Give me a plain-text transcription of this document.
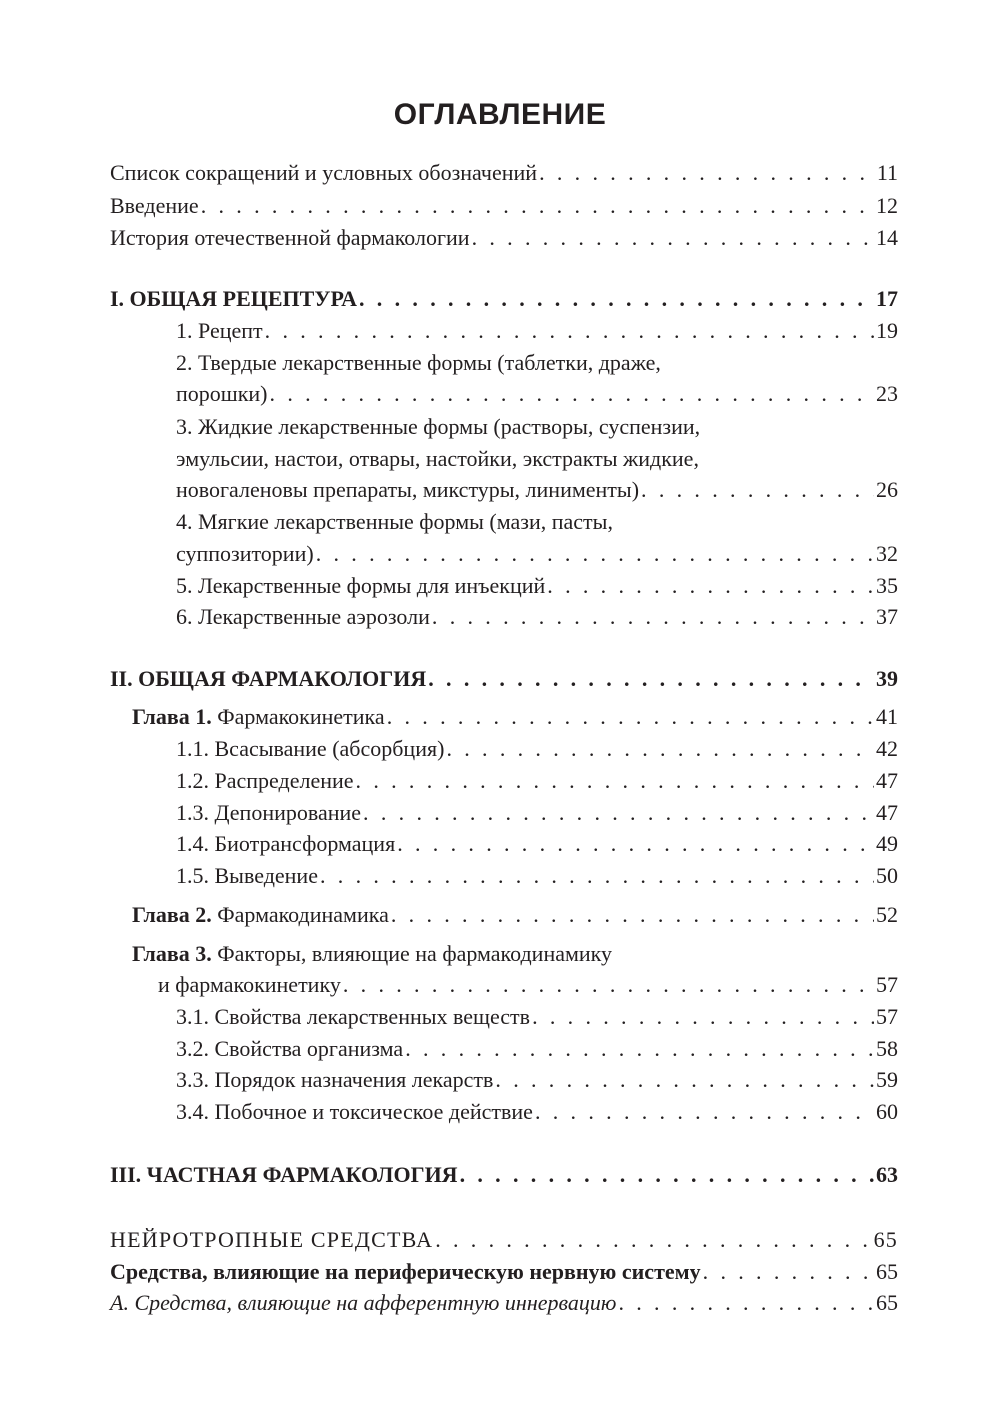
ОГЛАВЛЕНИЕ
Список сокращений и условных обозначений . . .	11
Введение . . .	12
История отечественной фармакологии . . .	14
I. ОБЩАЯ РЕЦЕПТУРА . . .	17
1. Рецепт . . .	19
2. Твердые лекарственные формы (таблетки, драже,
порошки) . . .	23
3. Жидкие лекарственные формы (растворы, суспензии,
эмульсии, настои, отвары, настойки, экстракты жидкие,
новогаленовы препараты, микстуры, линименты) . . .	26
4. Мягкие лекарственные формы (мази, пасты,
суппозитории) . . .	32
5. Лекарственные формы для инъекций . . .	35
6. Лекарственные аэрозоли . . .	37
II. ОБЩАЯ ФАРМАКОЛОГИЯ . . .	39
Глава 1. Фармакокинетика . . .	41
1.1. Всасывание (абсорбция) . . .	42
1.2. Распределение . . .	47
1.3. Депонирование . . .	47
1.4. Биотрансформация . . .	49
1.5. Выведение . . .	50
Глава 2. Фармакодинамика . . .	52
Глава 3. Факторы, влияющие на фармакодинамику
и фармакокинетику . . .	57
3.1. Свойства лекарственных веществ . . .	57
3.2. Свойства организма . . .	58
3.3. Порядок назначения лекарств . . .	59
3.4. Побочное и токсическое действие . . .	60
III. ЧАСТНАЯ ФАРМАКОЛОГИЯ . . .	63
НЕЙРОТРОПНЫЕ СРЕДСТВА . . .	65
Средства, влияющие на периферическую нервную систему . . .	65
А. Средства, влияющие на афферентную иннервацию . . .	65
